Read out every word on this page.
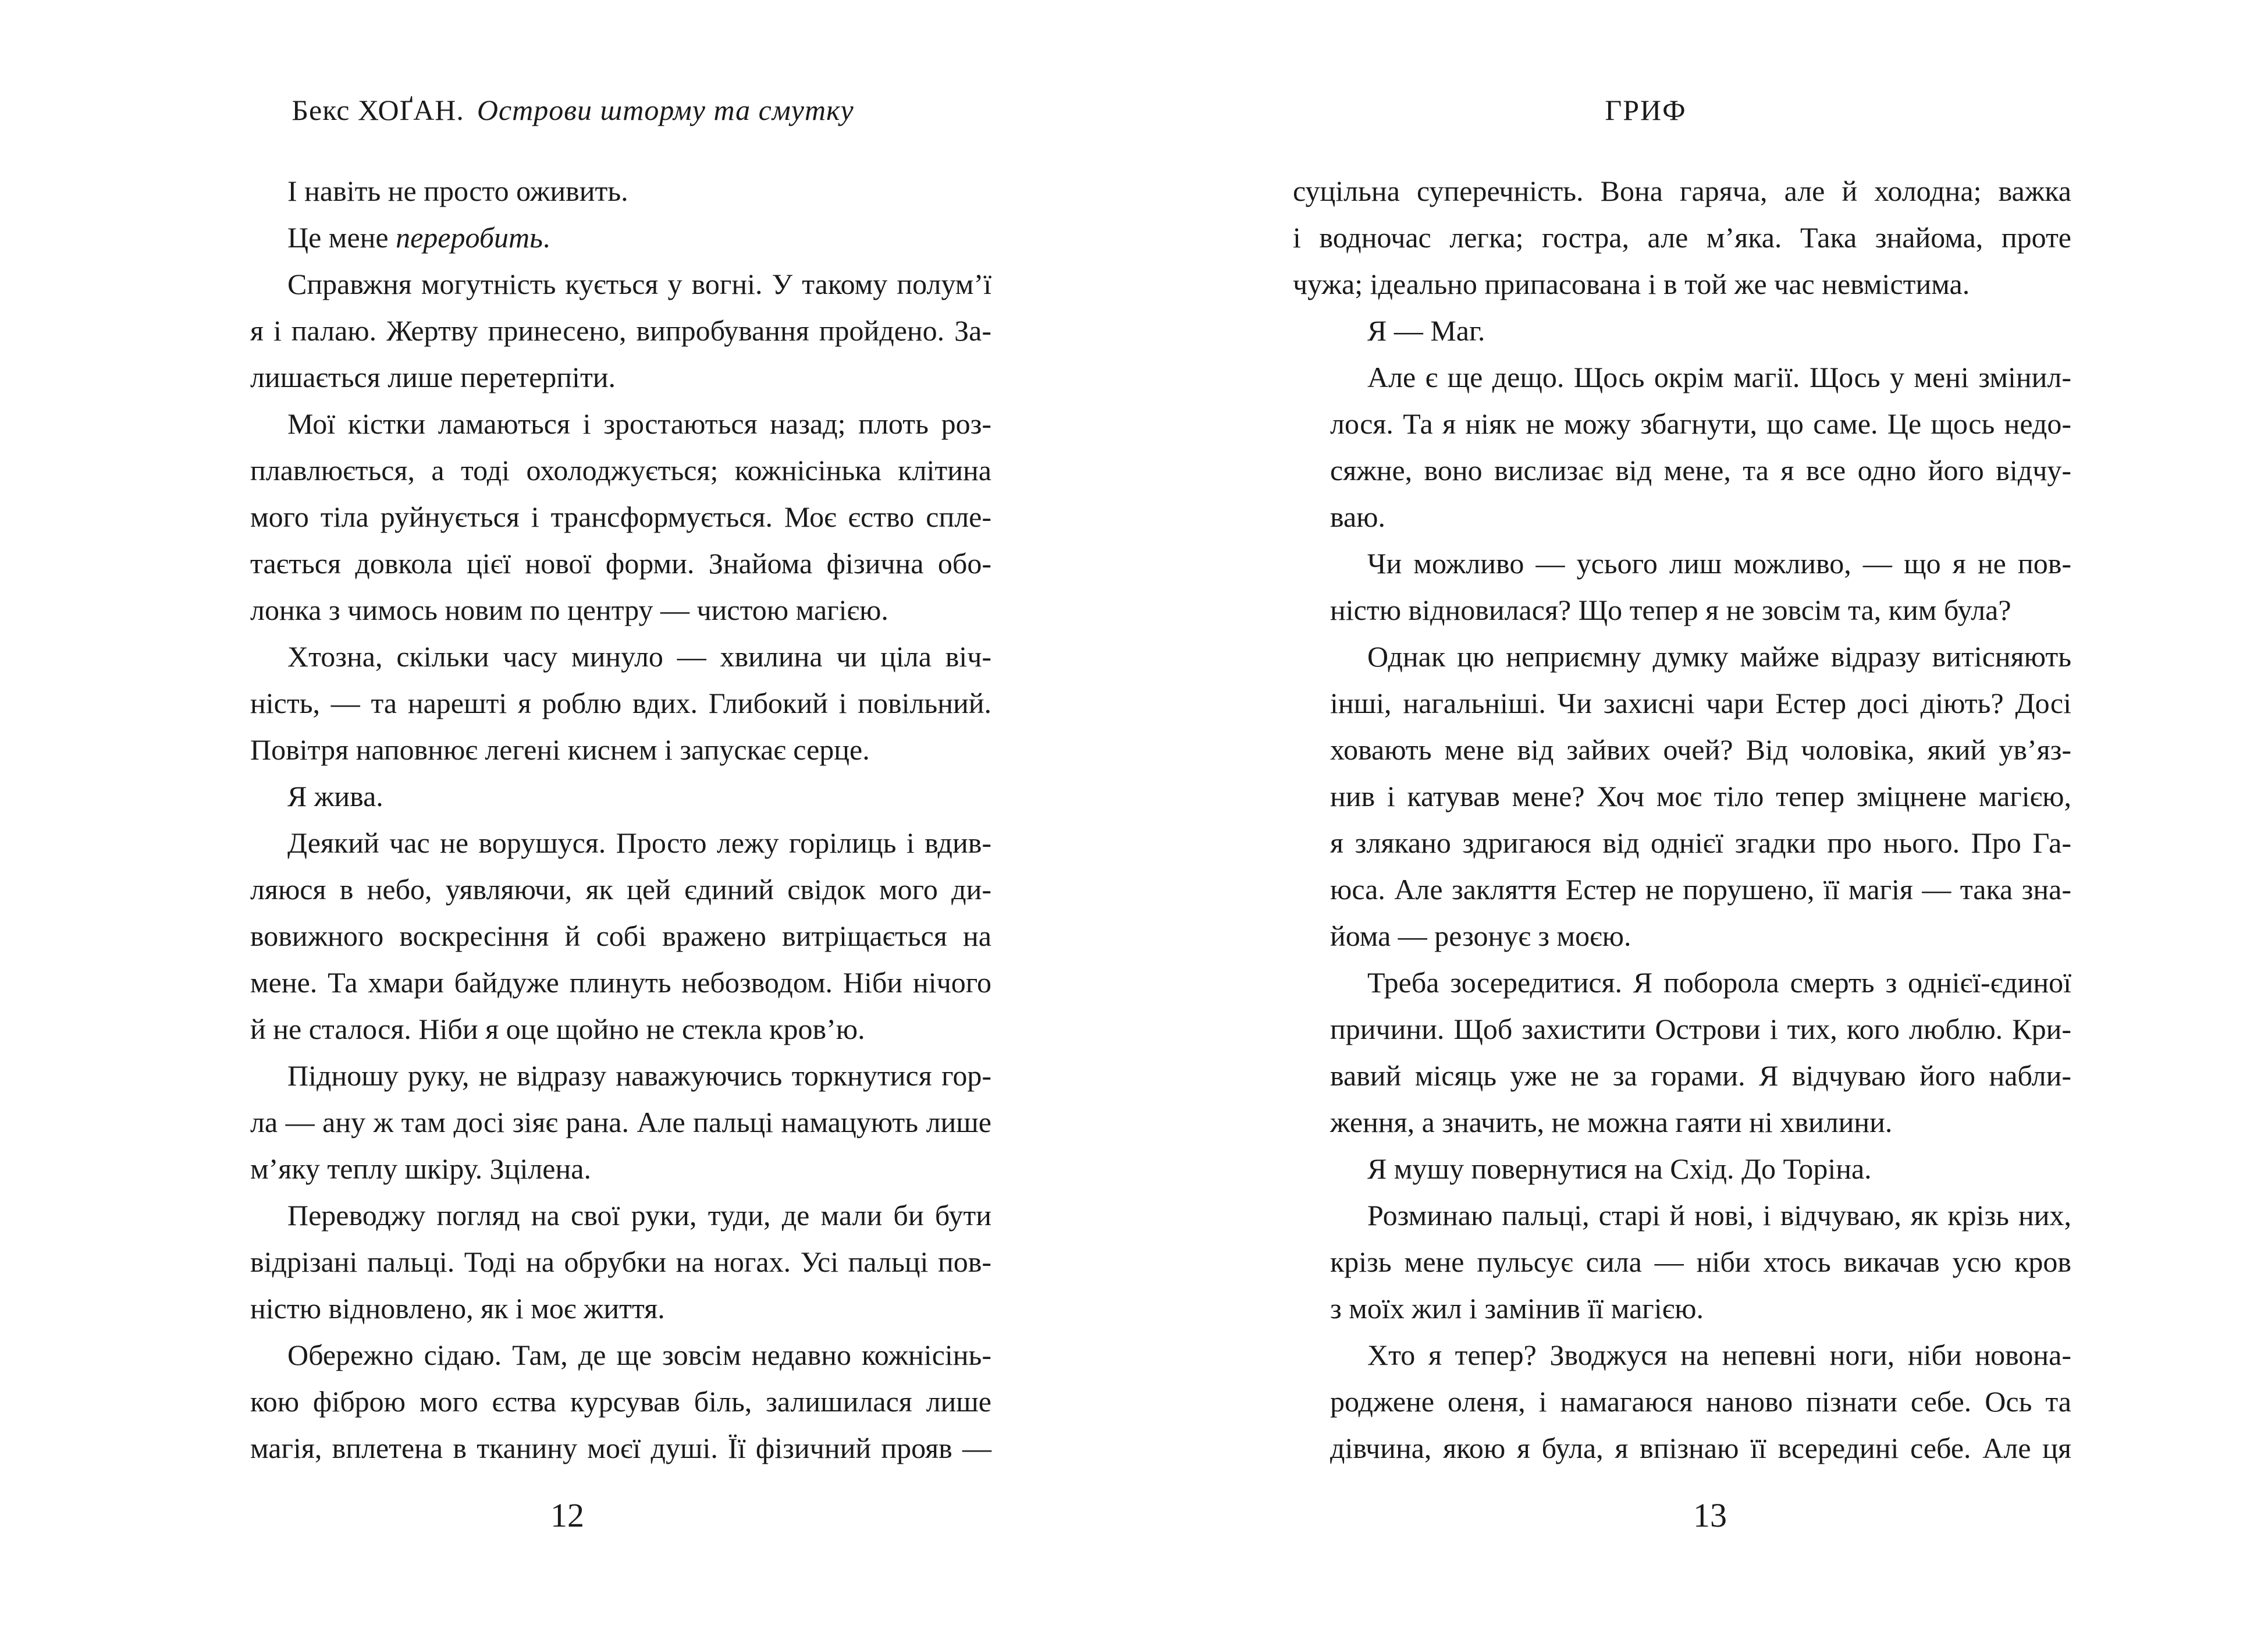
Бекс ХОҐАН. Острови шторму та смутку

І навіть не просто оживить.

Це мене переробить.

Справжня могутність кується у вогні. У такому полум’ї
я і палаю. Жертву принесено, випробування пройдено. За-
лишається лише перетерпіти.

Мої кістки ламаються і зростаються назад; плоть роз-
плавлюється, а тоді охолоджується; кожнісінька клітина
мого тіла руйнується і трансформується. Моє єство спле-
тається довкола цієї нової форми. Знайома фізична обо-
лонка з чимось новим по центру — чистою магією.

Хтозна, скільки часу минуло — хвилина чи ціла віч-
ність, — та нарешті я роблю вдих. Глибокий і повільний.
Повітря наповнює легені киснем і запускає серце.

Я жива.

Деякий час не ворушуся. Просто лежу горілиць і вдив-
ляюся в небо, уявляючи, як цей єдиний свідок мого ди-
вовижного воскресіння й собі вражено витріщається на
мене. Та хмари байдуже плинуть небозводом. Ніби нічого
й не сталося. Ніби я оце щойно не стекла кров’ю.

Підношу руку, не відразу наважуючись торкнутися гор-
ла — ану ж там досі зіяє рана. Але пальці намацують лише
м’яку теплу шкіру. Зцілена.

Переводжу погляд на свої руки, туди, де мали би бути
відрізані пальці. Тоді на обрубки на ногах. Усі пальці пов-
ністю відновлено, як і моє життя.

Обережно сідаю. Там, де ще зовсім недавно кожнісінь-
кою фіброю мого єства курсував біль, залишилася лише
магія, вплетена в тканину моєї душі. Її фізичний прояв —

12
ГРИФ

суцільна суперечність. Вона гаряча, але й холодна; важка
і водночас легка; гостра, але м’яка. Така знайома, проте
чужа; ідеально припасована і в той же час невмістима.

Я — Маг.

Але є ще дещо. Щось окрім магії. Щось у мені змінил-
лося. Та я ніяк не можу збагнути, що саме. Це щось недо-
сяжне, воно вислизає від мене, та я все одно його відчу-
ваю.

Чи можливо — усього лиш можливо, — що я не пов-
ністю відновилася? Що тепер я не зовсім та, ким була?

Однак цю неприємну думку майже відразу витісняють
інші, нагальніші. Чи захисні чари Естер досі діють? Досі
ховають мене від зайвих очей? Від чоловіка, який ув’яз-
нив і катував мене? Хоч моє тіло тепер зміцнене магією,
я злякано здригаюся від однієї згадки про нього. Про Га-
юса. Але закляття Естер не порушено, її магія — така зна-
йома — резонує з моєю.

Треба зосередитися. Я поборола смерть з однієї-єдиної
причини. Щоб захистити Острови і тих, кого люблю. Кри-
вавий місяць уже не за горами. Я відчуваю його набли-
ження, а значить, не можна гаяти ні хвилини.

Я мушу повернутися на Схід. До Торіна.

Розминаю пальці, старі й нові, і відчуваю, як крізь них,
крізь мене пульсує сила — ніби хтось викачав усю кров
з моїх жил і замінив її магією.

Хто я тепер? Зводжуся на непевні ноги, ніби новона-
роджене оленя, і намагаюся наново пізнати себе. Ось та
дівчина, якою я була, я впізнаю її всередині себе. Але ця

13
